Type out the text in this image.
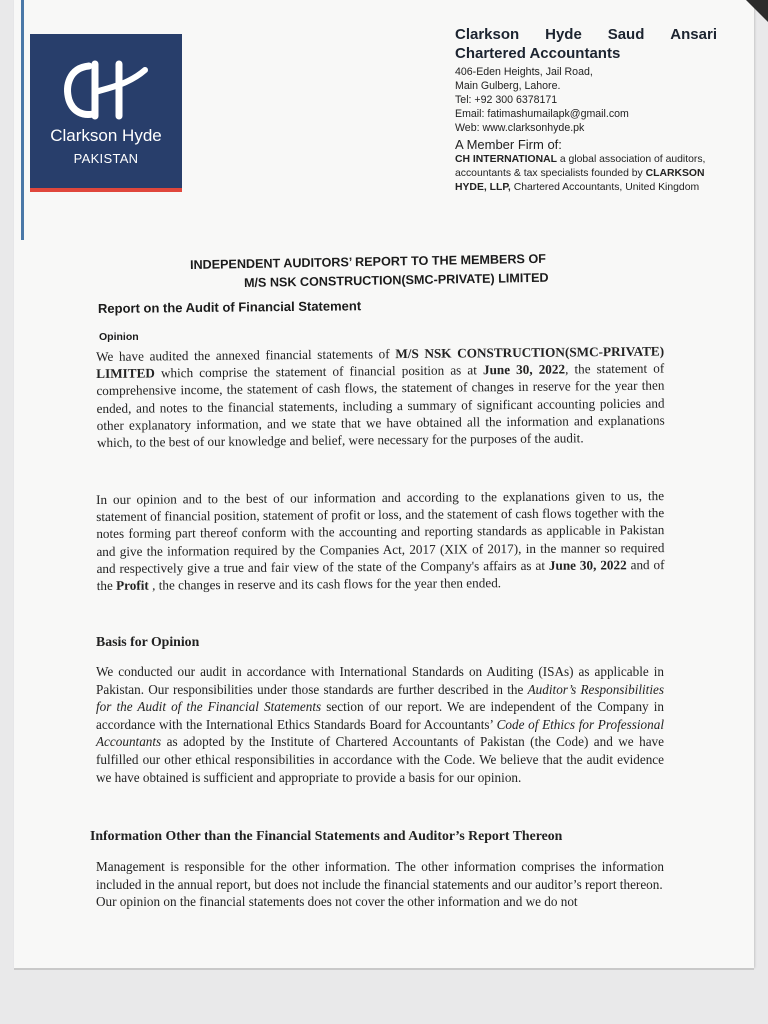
Clarkson Hyde
PAKISTAN
Clarkson Hyde Saud Ansari
Chartered Accountants
406-Eden Heights, Jail Road,
Main Gulberg, Lahore.
Tel: +92 300 6378171
Email: fatimashumailapk@gmail.com
Web: www.clarksonhyde.pk
A Member Firm of:
CH INTERNATIONAL a global association of auditors, accountants & tax specialists founded by CLARKSON HYDE, LLP, Chartered Accountants, United Kingdom
INDEPENDENT AUDITORS’ REPORT TO THE MEMBERS OF
M/S NSK CONSTRUCTION(SMC-PRIVATE) LIMITED
Report on the Audit of Financial Statement
Opinion
We have audited the annexed financial statements of M/S NSK CONSTRUCTION(SMC-PRIVATE) LIMITED which comprise the statement of financial position as at June 30, 2022, the statement of comprehensive income, the statement of cash flows, the statement of changes in reserve for the year then ended, and notes to the financial statements, including a summary of significant accounting policies and other explanatory information, and we state that we have obtained all the information and explanations which, to the best of our knowledge and belief, were necessary for the purposes of the audit.
In our opinion and to the best of our information and according to the explanations given to us, the statement of financial position, statement of profit or loss, and the statement of cash flows together with the notes forming part thereof conform with the accounting and reporting standards as applicable in Pakistan and give the information required by the Companies Act, 2017 (XIX of 2017), in the manner so required and respectively give a true and fair view of the state of the Company's affairs as at June 30, 2022 and of the Profit , the changes in reserve and its cash flows for the year then ended.
Basis for Opinion
We conducted our audit in accordance with International Standards on Auditing (ISAs) as applicable in Pakistan. Our responsibilities under those standards are further described in the Auditor’s Responsibilities for the Audit of the Financial Statements section of our report. We are independent of the Company in accordance with the International Ethics Standards Board for Accountants’ Code of Ethics for Professional Accountants as adopted by the Institute of Chartered Accountants of Pakistan (the Code) and we have fulfilled our other ethical responsibilities in accordance with the Code. We believe that the audit evidence we have obtained is sufficient and appropriate to provide a basis for our opinion.
Information Other than the Financial Statements and Auditor’s Report Thereon
Management is responsible for the other information. The other information comprises the information included in the annual report, but does not include the financial statements and our auditor’s report thereon.
Our opinion on the financial statements does not cover the other information and we do not
